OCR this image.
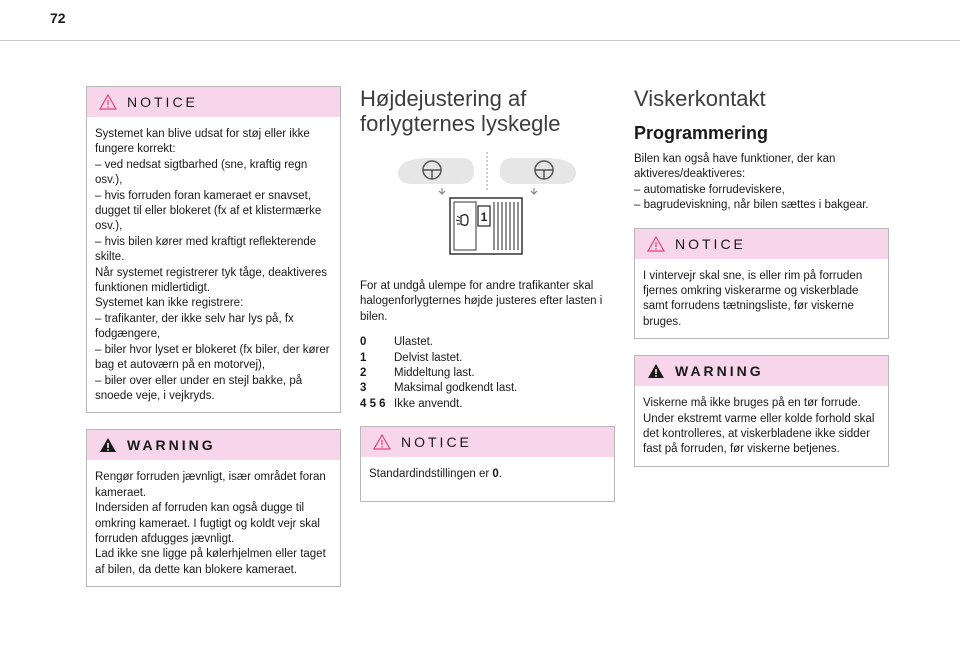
72
NOTICE
Systemet kan blive udsat for støj eller ikke fungere korrekt:
– ved nedsat sigtbarhed (sne, kraftig regn osv.),
– hvis forruden foran kameraet er snavset, dugget til eller blokeret (fx af et klistermærke osv.),
– hvis bilen kører med kraftigt reflekterende skilte.
Når systemet registrerer tyk tåge, deaktiveres funktionen midlertidigt.
Systemet kan ikke registrere:
– trafikanter, der ikke selv har lys på, fx fodgængere,
– biler hvor lyset er blokeret (fx biler, der kører bag et autoværn på en motorvej),
– biler over eller under en stejl bakke, på snoede veje, i vejkryds.
WARNING
Rengør forruden jævnligt, især området foran kameraet.
Indersiden af forruden kan også dugge til omkring kameraet. I fugtigt og koldt vejr skal forruden afdugges jævnligt.
Lad ikke sne ligge på kølerhjelmen eller taget af bilen, da dette kan blokere kameraet.
Højdejustering af forlygternes lyskegle
1

For at undgå ulempe for andre trafikanter skal halogenforlygternes højde justeres efter lasten i bilen.

0	Ulastet.
1	Delvist lastet.
2	Middeltung last.
3	Maksimal godkendt last.
4 5 6 Ikke anvendt.
NOTICE
Standardindstillingen er 0.
Viskerkontakt
Programmering

Bilen kan også have funktioner, der kan aktiveres/deaktiveres:
– automatiske forrudeviskere,
– bagrudeviskning, når bilen sættes i bakgear.

NOTICE
I vintervejr skal sne, is eller rim på forruden fjernes omkring viskerarme og viskerblade samt forrudens tætningsliste, før viskerne bruges.
WARNING
Viskerne må ikke bruges på en tør forrude. Under ekstremt varme eller kolde forhold skal det kontrolleres, at viskerbladene ikke sidder fast på forruden, før viskerne betjenes.
